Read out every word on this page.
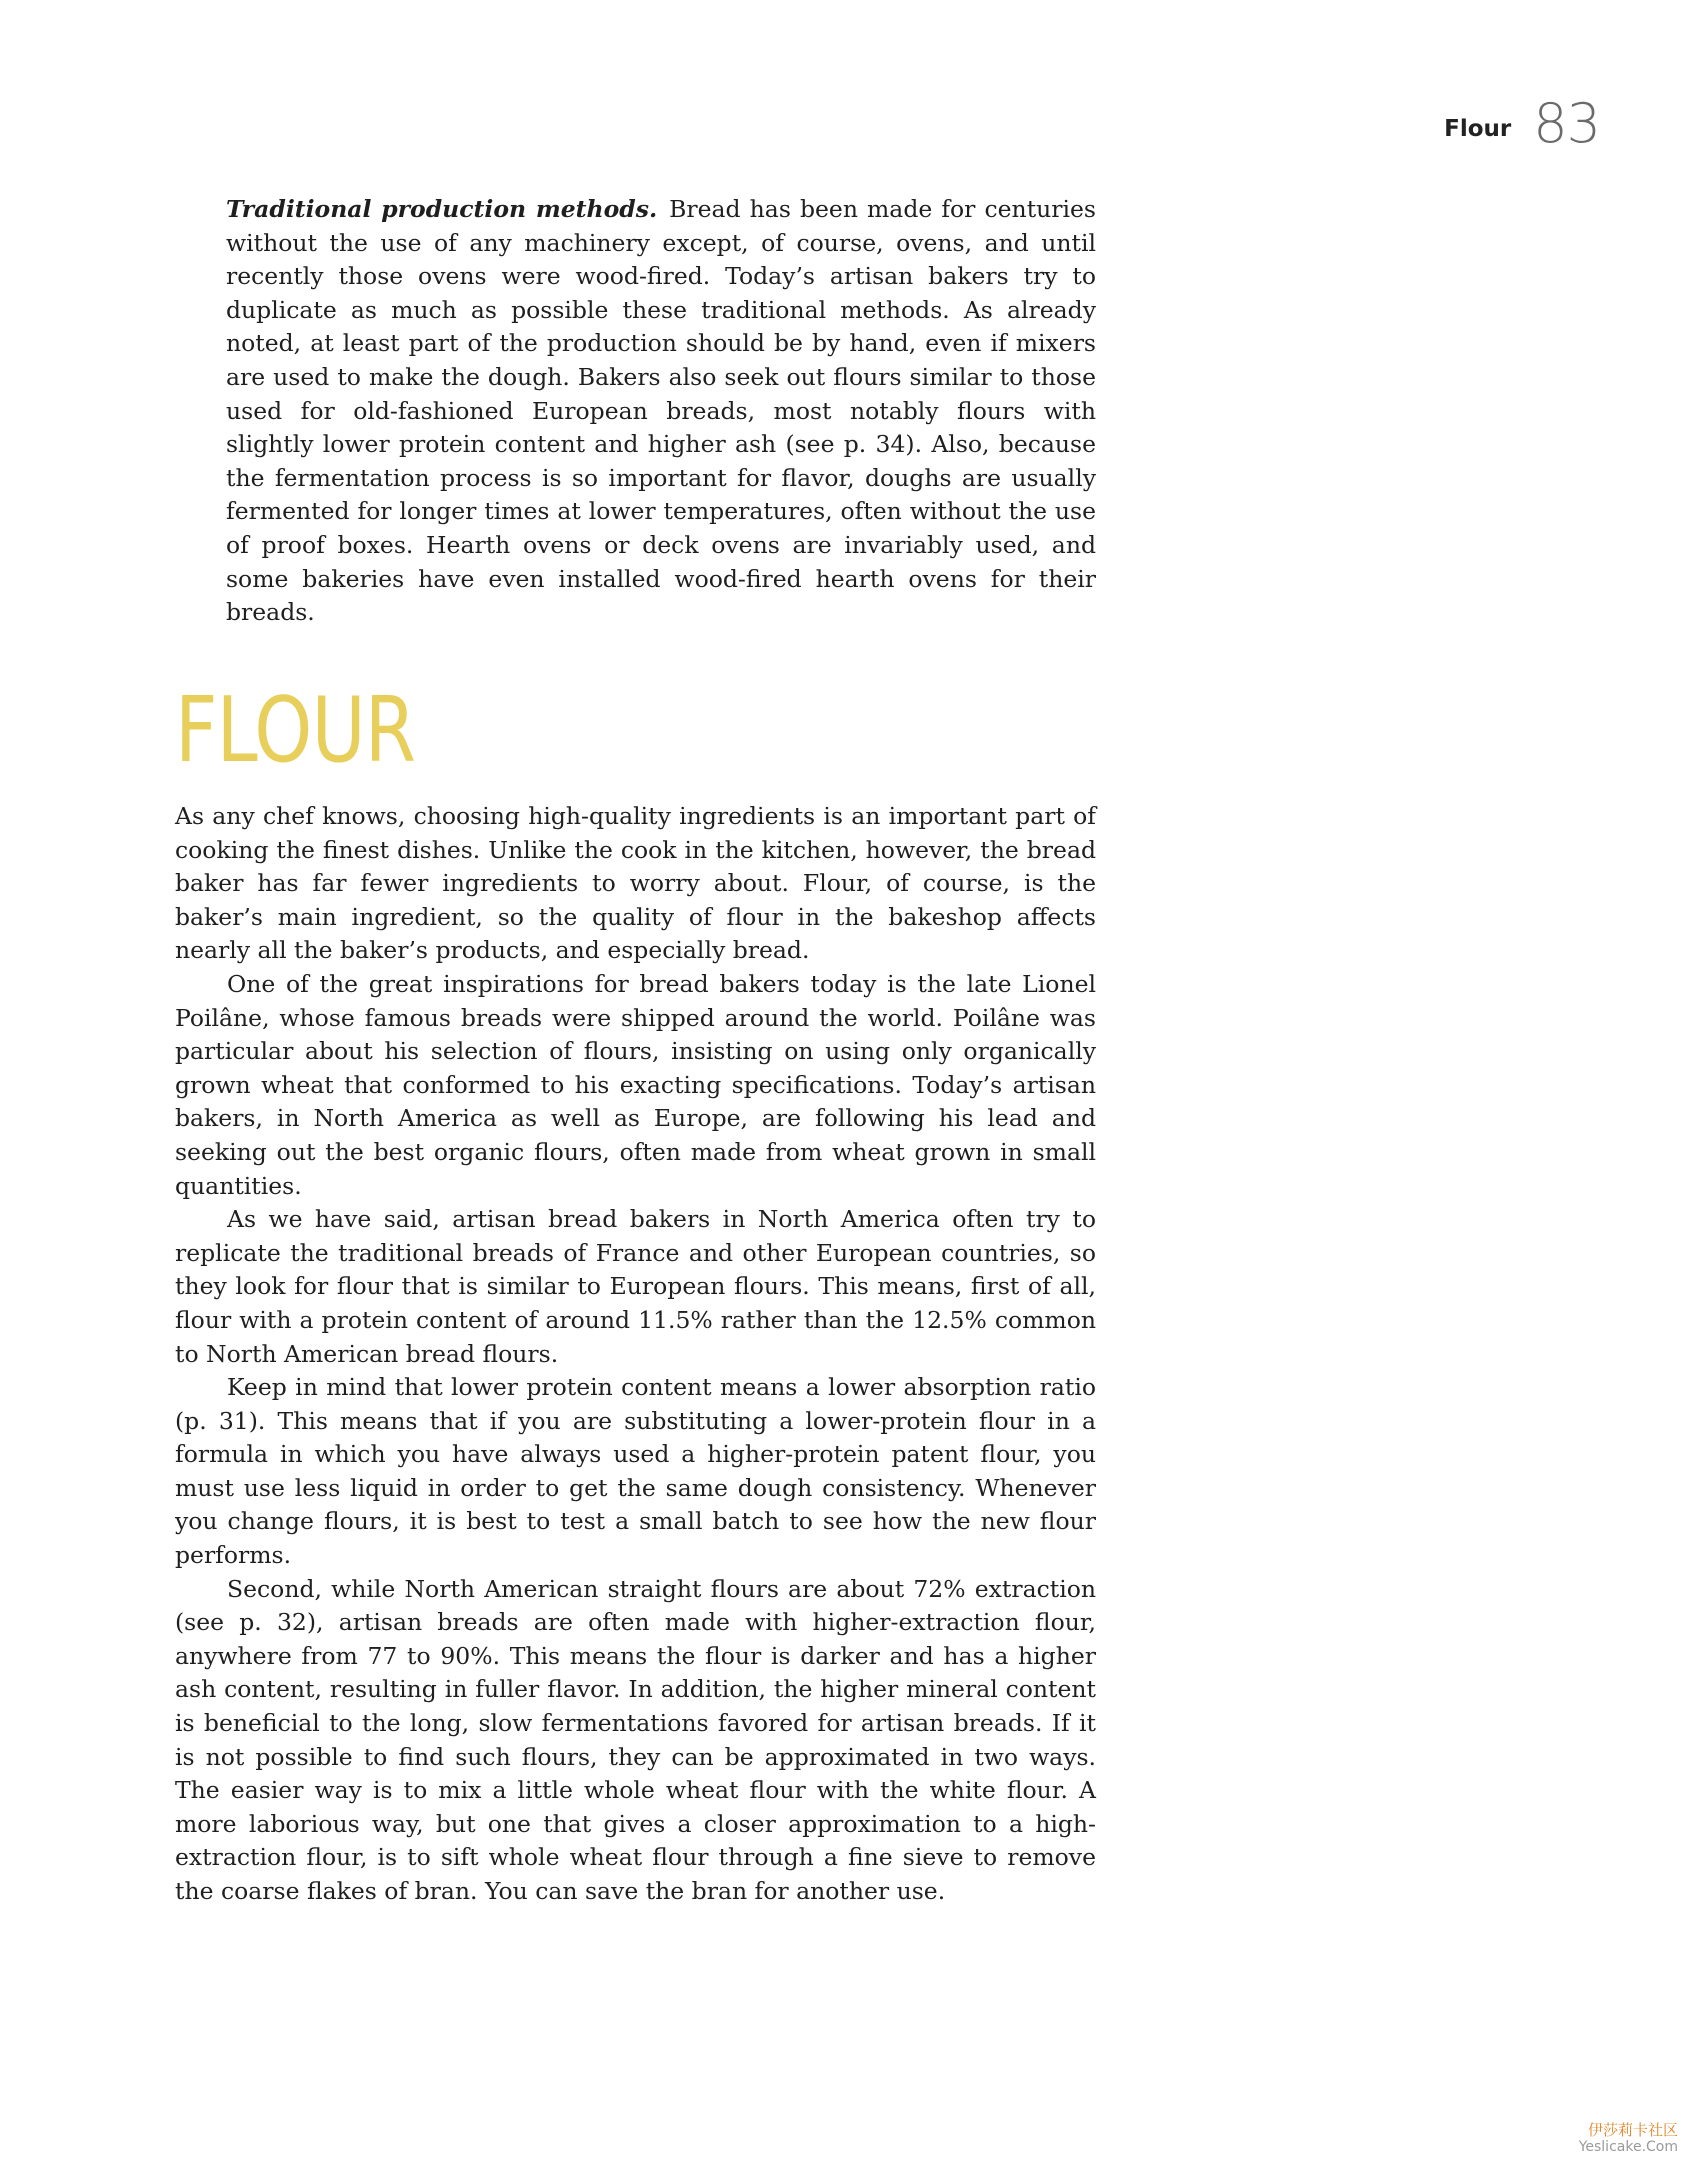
Flour 83

Traditional production methods. Bread has been made for centuries without the use of any machinery except, of course, ovens, and until recently those ovens were wood-fired. Today’s artisan bakers try to duplicate as much as possible these traditional methods. As already noted, at least part of the production should be by hand, even if mixers are used to make the dough. Bakers also seek out flours similar to those used for old-fashioned European breads, most notably flours with slightly lower protein content and higher ash (see p. 34). Also, because the fermentation process is so important for flavor, doughs are usually fermented for longer times at lower temperatures, often without the use of proof boxes. Hearth ovens or deck ovens are invariably used, and some bakeries have even installed wood-fired hearth ovens for their breads.

FLOUR

As any chef knows, choosing high-quality ingredients is an important part of cooking the finest dishes. Unlike the cook in the kitchen, however, the bread baker has far fewer ingredients to worry about. Flour, of course, is the baker’s main ingredient, so the quality of flour in the bakeshop affects nearly all the baker’s products, and especially bread.

One of the great inspirations for bread bakers today is the late Lionel Poilâne, whose famous breads were shipped around the world. Poilâne was particular about his selection of flours, insisting on using only organically grown wheat that conformed to his exacting specifications. Today’s artisan bakers, in North America as well as Europe, are following his lead and seeking out the best organic flours, often made from wheat grown in small quantities.

As we have said, artisan bread bakers in North America often try to replicate the traditional breads of France and other European countries, so they look for flour that is similar to European flours. This means, first of all, flour with a protein content of around 11.5% rather than the 12.5% common to North American bread flours.

Keep in mind that lower protein content means a lower absorption ratio (p. 31). This means that if you are substituting a lower-protein flour in a formula in which you have always used a higher-protein patent flour, you must use less liquid in order to get the same dough consistency. Whenever you change flours, it is best to test a small batch to see how the new flour performs.

Second, while North American straight flours are about 72% extraction (see p. 32), artisan breads are often made with higher-extraction flour, anywhere from 77 to 90%. This means the flour is darker and has a higher ash content, resulting in fuller flavor. In addition, the higher mineral content is beneficial to the long, slow fermentations favored for artisan breads. If it is not possible to find such flours, they can be approximated in two ways. The easier way is to mix a little whole wheat flour with the white flour. A more laborious way, but one that gives a closer approximation to a high-extraction flour, is to sift whole wheat flour through a fine sieve to remove the coarse flakes of bran. You can save the bran for another use.

伊莎莉卡社区
Yeslicake.Com
